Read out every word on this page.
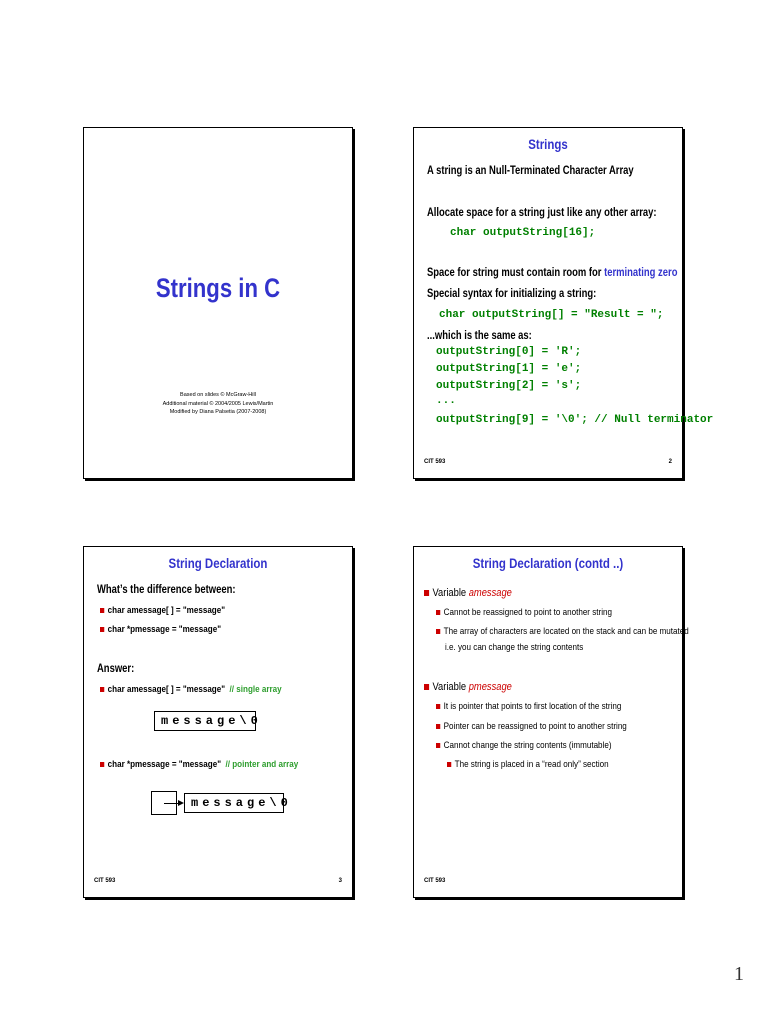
Strings in C
Based on slides © McGraw-Hill
Additional material © 2004/2005 Lewis/Martin
Modified by Diana Palsetia (2007-2008)
Strings
A string is an Null-Terminated Character Array
Allocate space for a string just like any other array:
char outputString[16];
Space for string must contain room for terminating zero
Special syntax for initializing a string:
char outputString[] = "Result = ";
...which is the same as:
outputString[0] = 'R';
outputString[1] = 'e';
outputString[2] = 's';
...
outputString[9] = '\0'; // Null terminator
CIT 593	2
String Declaration
What’s the difference between:
char amessage[ ] = "message"
char *pmessage = "message"
Answer:
char amessage[ ] = "message" // single array
message\0
char *pmessage = "message" // pointer and array
message\0
CIT 593	3
String Declaration (contd ..)
Variable amessage
Cannot be reassigned to point to another string
The array of characters are located on the stack and can be mutated
i.e. you can change the string contents
Variable pmessage
It is pointer that points to first location of the string
Pointer can be reassigned to point to another string
Cannot change the string contents (immutable)
The string is placed in a “read only” section
CIT 593
1
